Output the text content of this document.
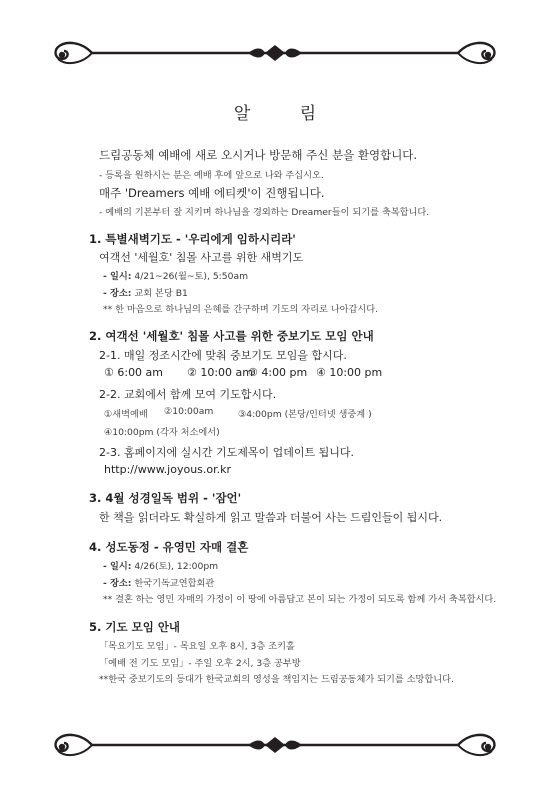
알 림
드림공동체 예배에 새로 오시거나 방문해 주신 분을 환영합니다.
- 등록을 원하시는 분은 예배 후에 앞으로 나와 주십시오.
매주 'Dreamers 예배 에티켓'이 진행됩니다.
- 예배의 기본부터 잘 지키며 하나님을 경외하는 Dreamer들이 되기를 축복합니다.
1. 특별새벽기도 - '우리에게 임하시리라'
여객선 '세월호' 침몰 사고를 위한 새벽기도
- 일시: 4/21~26(월~토), 5:50am
- 장소: 교회 본당 B1
** 한 마음으로 하나님의 은혜를 간구하며 기도의 자리로 나아갑시다.
2. 여객선 '세월호' 침몰 사고를 위한 중보기도 모임 안내
2-1. 매일 정조시간에 맞춰 중보기도 모임을 합시다.
① 6:00 am ② 10:00 am
③ 4:00 pm ④ 10:00 pm
2-2. 교회에서 함께 모여 기도합시다.
①새벽예배 ②10:00am	③4:00pm (본당/인터넷 생중계 )
④10:00pm (각자 처소에서)
2-3. 홈페이지에 실시간 기도제목이 업데이트 됩니다.
http://www.joyous.or.kr
3. 4월 성경일독 범위 - '잠언'
한 책을 읽더라도 확실하게 읽고 말씀과 더불어 사는 드림인들이 됩시다.
4. 성도동정 - 유영민 자매 결혼
- 일시: 4/26(토), 12:00pm
- 장소: 한국기독교연합회관
** 결혼 하는 영민 자매의 가정이 이 땅에 아름답고 본이 되는 가정이 되도록 함께 가서 축복합시다.
5. 기도 모임 안내
「목요기도 모임」- 목요일 오후 8시, 3층 조키홀
「예배 전 기도 모임」- 주일 오후 2시, 3층 공부방
**한국 중보기도의 등대가 한국교회의 영성을 책임지는 드림공동체가 되기를 소망합니다.
